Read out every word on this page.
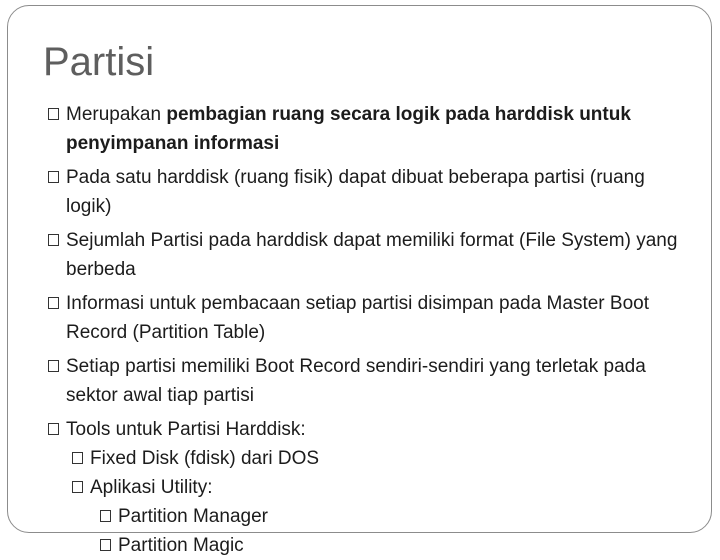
Partisi
Merupakan pembagian ruang secara logik pada harddisk untuk penyimpanan informasi
Pada satu harddisk (ruang fisik) dapat dibuat beberapa partisi (ruang logik)
Sejumlah Partisi pada harddisk dapat memiliki format (File System) yang berbeda
Informasi untuk pembacaan setiap partisi disimpan pada Master Boot Record (Partition Table)
Setiap partisi memiliki Boot Record sendiri-sendiri yang terletak pada sektor awal tiap partisi
Tools untuk Partisi Harddisk:
Fixed Disk (fdisk) dari DOS
Aplikasi Utility:
Partition Manager
Partition Magic
